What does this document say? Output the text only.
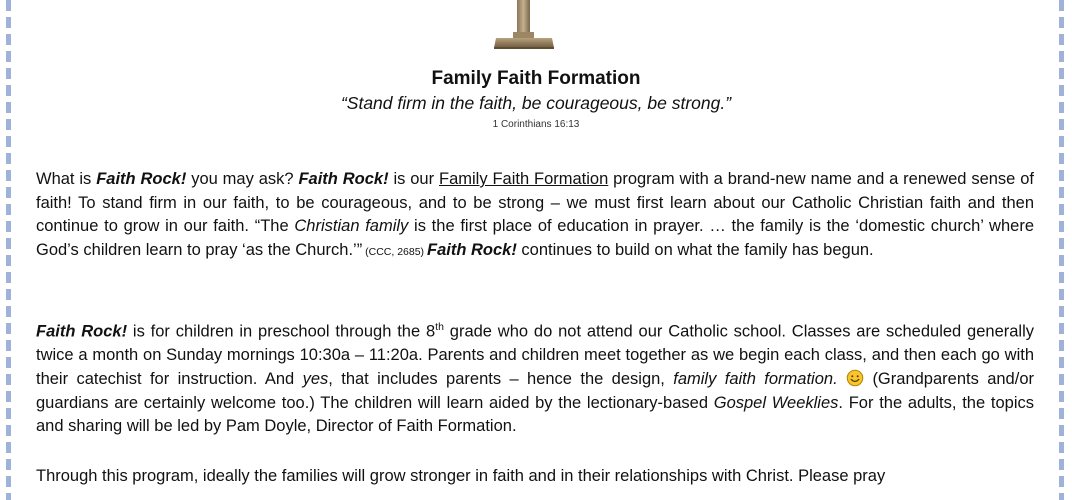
Family Faith Formation
“Stand firm in the faith, be courageous, be strong.”
1 Corinthians 16:13
What is Faith Rock! you may ask? Faith Rock! is our Family Faith Formation program with a brand-new name and a renewed sense of faith! To stand firm in our faith, to be courageous, and to be strong – we must first learn about our Catholic Christian faith and then continue to grow in our faith. “The Christian family is the first place of education in prayer. … the family is the ‘domestic church’ where God’s children learn to pray ‘as the Church.’” (CCC, 2685) Faith Rock! continues to build on what the family has begun.
Faith Rock! is for children in preschool through the 8th grade who do not attend our Catholic school. Classes are scheduled generally twice a month on Sunday mornings 10:30a – 11:20a. Parents and children meet together as we begin each class, and then each go with their catechist for instruction. And yes, that includes parents – hence the design, family faith formation.  (Grandparents and/or guardians are certainly welcome too.) The children will learn aided by the lectionary-based Gospel Weeklies. For the adults, the topics and sharing will be led by Pam Doyle, Director of Faith Formation.
Through this program, ideally the families will grow stronger in faith and in their relationships with Christ. Please pray
